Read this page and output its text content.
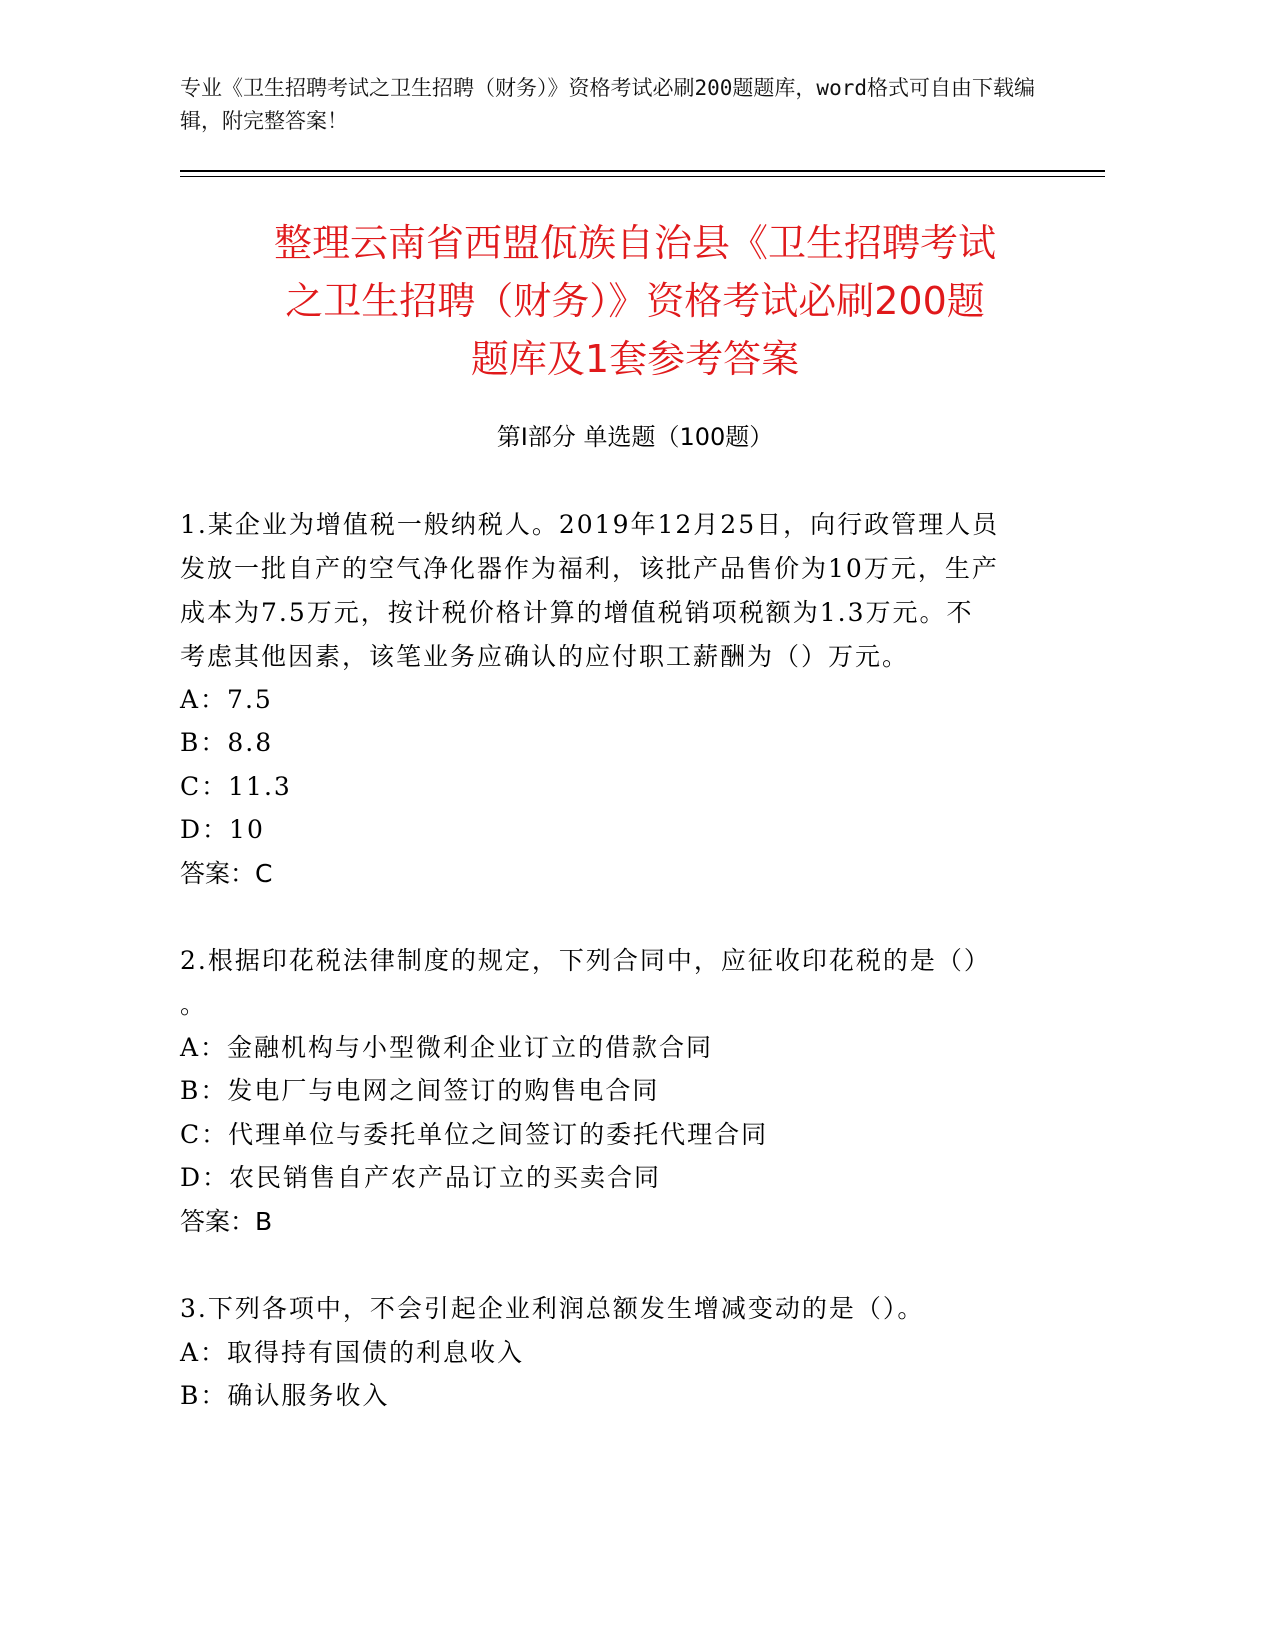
专业《卫生招聘考试之卫生招聘（财务）》资格考试必刷200题题库，word格式可自由下载编辑，附完整答案！
整理云南省西盟佤族自治县《卫生招聘考试
之卫生招聘（财务）》资格考试必刷200题
题库及1套参考答案
第Ⅰ部分 单选题（100题）
1.某企业为增值税一般纳税人。2019年12月25日，向行政管理人员
发放一批自产的空气净化器作为福利，该批产品售价为10万元，生产
成本为7.5万元，按计税价格计算的增值税销项税额为1.3万元。不
考虑其他因素，该笔业务应确认的应付职工薪酬为（）万元。
A：7.5
B：8.8
C：11.3
D：10
答案：C
2.根据印花税法律制度的规定，下列合同中，应征收印花税的是（）
。
A：金融机构与小型微利企业订立的借款合同
B：发电厂与电网之间签订的购售电合同
C：代理单位与委托单位之间签订的委托代理合同
D：农民销售自产农产品订立的买卖合同
答案：B
3.下列各项中，不会引起企业利润总额发生增减变动的是（）。
A：取得持有国债的利息收入
B：确认服务收入
